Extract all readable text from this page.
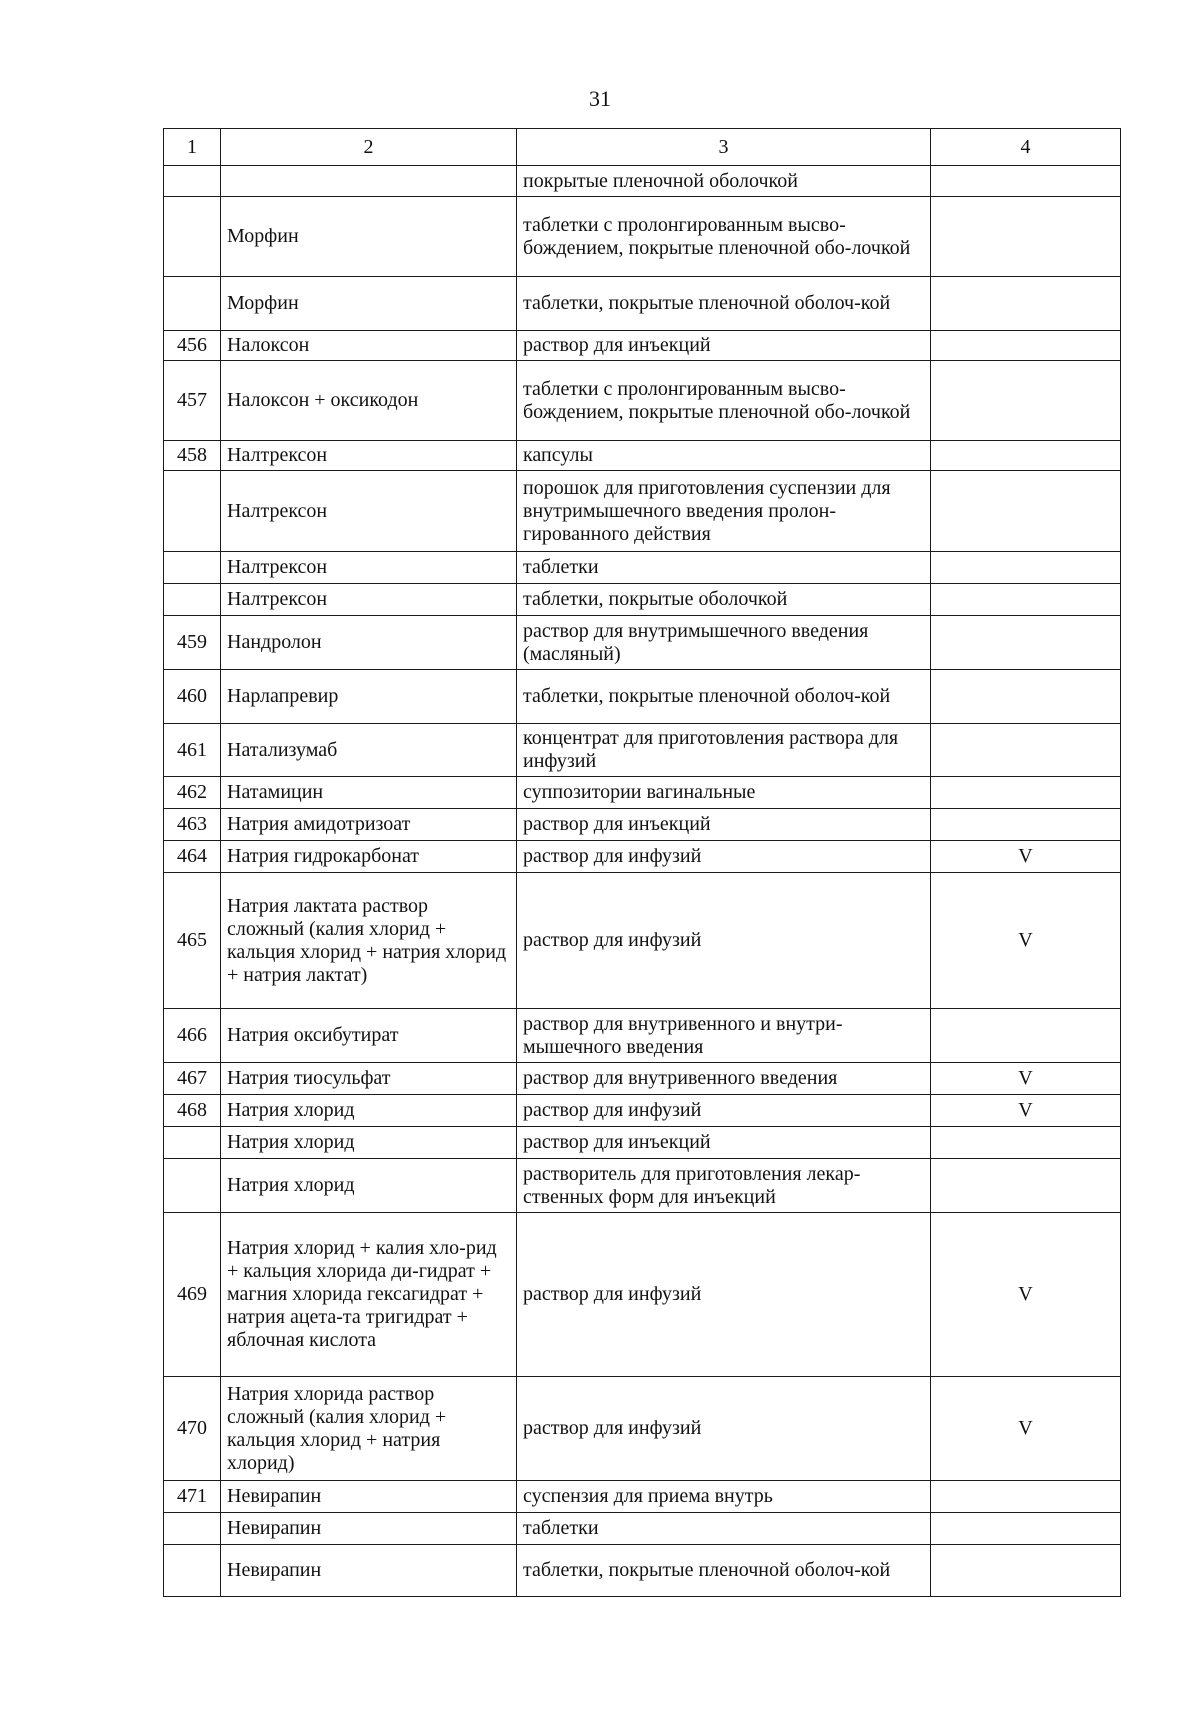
31
1	2	3	4
		покрытые пленочной оболочкой	
	Морфин	таблетки с пролонгированным высво-бождением, покрытые пленочной обо-лочкой	
	Морфин	таблетки, покрытые пленочной оболоч-кой	
456	Налоксон	раствор для инъекций	
457	Налоксон + оксикодон	таблетки с пролонгированным высво-бождением, покрытые пленочной обо-лочкой	
458	Налтрексон	капсулы	
	Налтрексон	порошок для приготовления суспензии для внутримышечного введения пролон-гированного действия	
	Налтрексон	таблетки	
	Налтрексон	таблетки, покрытые оболочкой	
459	Нандролон	раствор для внутримышечного введения (масляный)	
460	Нарлапревир	таблетки, покрытые пленочной оболоч-кой	
461	Натализумаб	концентрат для приготовления раствора для инфузий	
462	Натамицин	суппозитории вагинальные	
463	Натрия амидотризоат	раствор для инъекций	
464	Натрия гидрокарбонат	раствор для инфузий	V
465	Натрия лактата раствор сложный (калия хлорид + кальция хлорид + натрия хлорид + натрия лактат)	раствор для инфузий	V
466	Натрия оксибутират	раствор для внутривенного и внутри-мышечного введения	
467	Натрия тиосульфат	раствор для внутривенного введения	V
468	Натрия хлорид	раствор для инфузий	V
	Натрия хлорид	раствор для инъекций	
	Натрия хлорид	растворитель для приготовления лекар-ственных форм для инъекций	
469	Натрия хлорид + калия хло-рид + кальция хлорида ди-гидрат + магния хлорида гексагидрат + натрия ацета-та тригидрат + яблочная кислота	раствор для инфузий	V
470	Натрия хлорида раствор сложный (калия хлорид + кальция хлорид + натрия хлорид)	раствор для инфузий	V
471	Невирапин	суспензия для приема внутрь	
	Невирапин	таблетки	
	Невирапин	таблетки, покрытые пленочной оболоч-кой	
